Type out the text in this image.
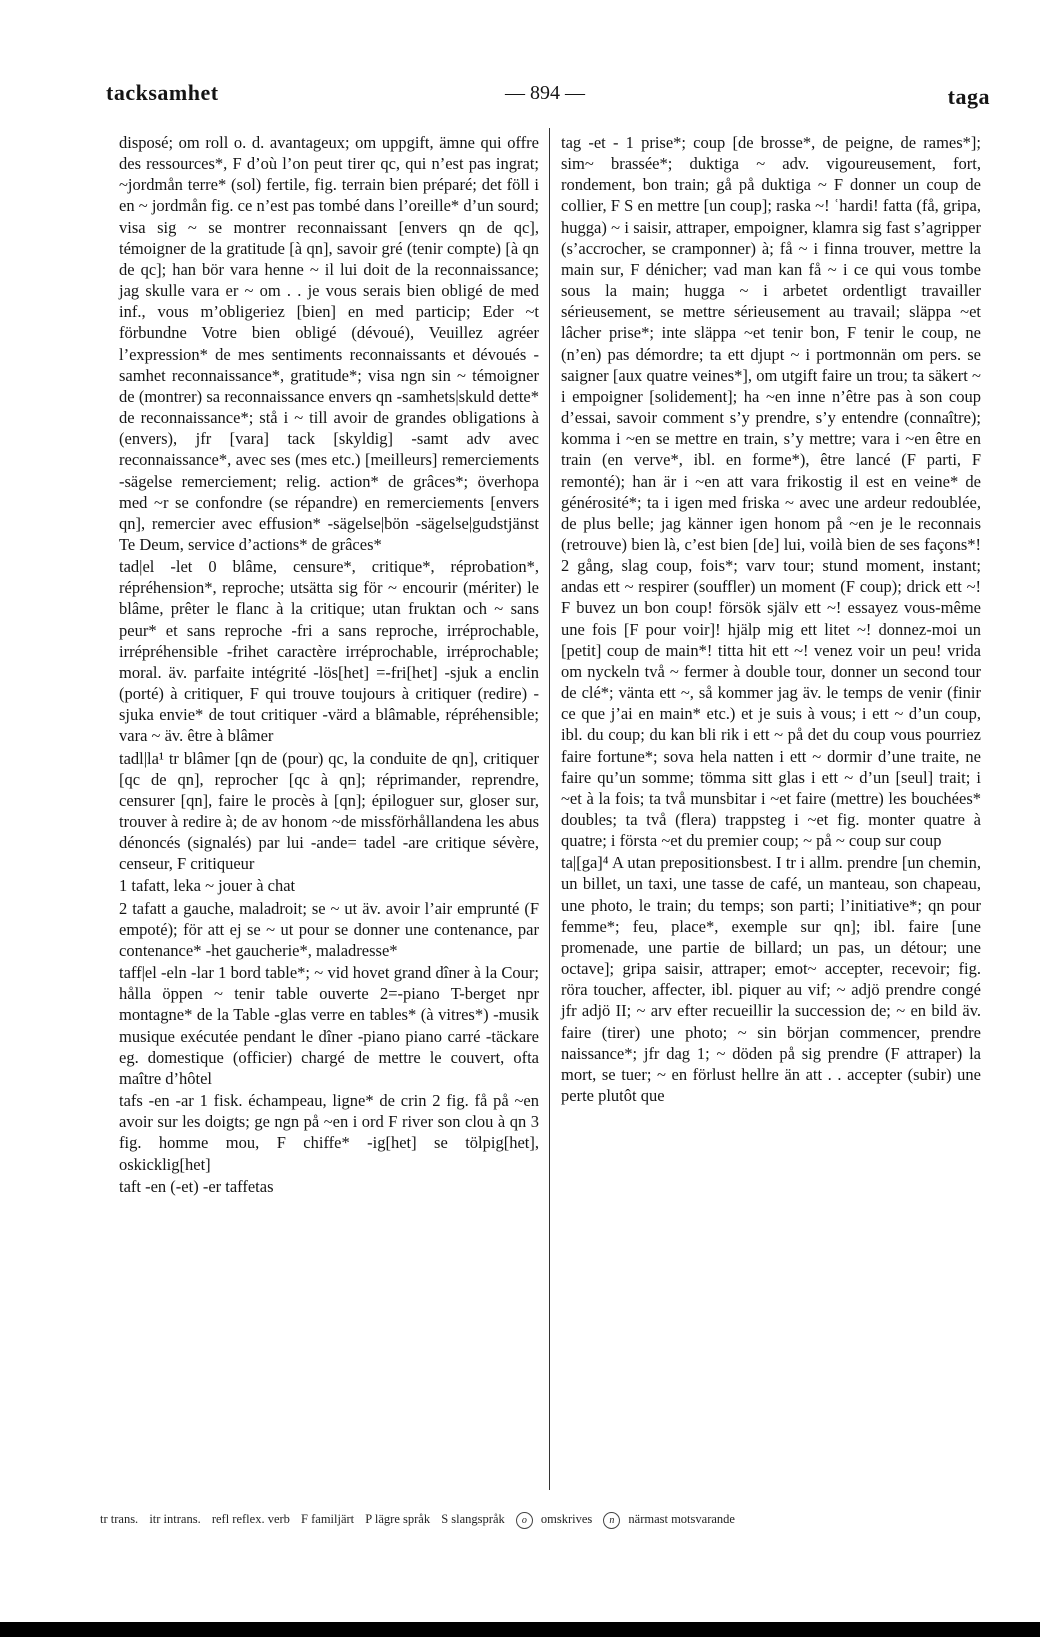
tacksamhet	— 894 —	taga
disposé; om roll o. d. avantageux; om uppgift, ämne qui offre des ressources*, F d’où l’on peut tirer qc, qui n’est pas ingrat; ~jordmån terre* (sol) fertile, fig. terrain bien préparé; det föll i en ~ jordmån fig. ce n’est pas tombé dans l’oreille* d’un sourd; visa sig ~ se montrer reconnaissant [envers qn de qc], témoigner de la gratitude [à qn], savoir gré (tenir compte) [à qn de qc]; han bör vara henne ~ il lui doit de la reconnaissance; jag skulle vara er ~ om . . je vous serais bien obligé de med inf., vous m’obligeriez [bien] en med particip; Eder ~t förbundne Votre bien obligé (dévoué), Veuillez agréer l’expression* de mes sentiments reconnaissants et dévoués -samhet reconnaissance*, gratitude*; visa ngn sin ~ témoigner de (montrer) sa reconnaissance envers qn -samhets|skuld dette* de reconnaissance*; stå i ~ till avoir de grandes obligations à (envers), jfr [vara] tack [skyldig] -samt adv avec reconnaissance*, avec ses (mes etc.) [meilleurs] remerciements -sägelse remerciement; relig. action* de grâces*; överhopa med ~r se confondre (se répandre) en remerciements [envers qn], remercier avec effusion* -sägelse|bön -sägelse|gudstjänst Te Deum, service d’actions* de grâces*
tad|el -let 0 blâme, censure*, critique*, réprobation*, répréhension*, reproche; utsätta sig för ~ encourir (mériter) le blâme, prêter le flanc à la critique; utan fruktan och ~ sans peur* et sans reproche -fri a sans reproche, irréprochable, irrépréhensible -frihet caractère irréprochable, irréprochable; moral. äv. parfaite intégrité -lös[het] =-fri[het] -sjuk a enclin (porté) à critiquer, F qui trouve toujours à critiquer (redire) -sjuka envie* de tout critiquer -värd a blâmable, répréhensible; vara ~ äv. être à blâmer
tadl|la¹ tr blâmer [qn de (pour) qc, la conduite de qn], critiquer [qc de qn], reprocher [qc à qn]; réprimander, reprendre, censurer [qn], faire le procès à [qn]; épiloguer sur, gloser sur, trouver à redire à; de av honom ~de missförhållandena les abus dénoncés (signalés) par lui -ande= tadel -are critique sévère, censeur, F critiqueur
1 tafatt, leka ~ jouer à chat
2 tafatt a gauche, maladroit; se ~ ut äv. avoir l’air emprunté (F empoté); för att ej se ~ ut pour se donner une contenance, par contenance* -het gaucherie*, maladresse*
taff|el -eln -lar 1 bord table*; ~ vid hovet grand dîner à la Cour; hålla öppen ~ tenir table ouverte 2=-piano T-berget npr montagne* de la Table -glas verre en tables* (à vitres*) -musik musique exécutée pendant le dîner -piano piano carré -täckare eg. domestique (officier) chargé de mettre le couvert, ofta maître d’hôtel
tafs -en -ar 1 fisk. échampeau, ligne* de crin 2 fig. få på ~en avoir sur les doigts; ge ngn på ~en i ord F river son clou à qn 3 fig. homme mou, F chiffe* -ig[het] se tölpig[het], oskicklig[het]
taft -en (-et) -er taffetas
tag -et - 1 prise*; coup [de brosse*, de peigne, de rames*]; sim~ brassée*; duktiga ~ adv. vigoureusement, fort, rondement, bon train; gå på duktiga ~ F donner un coup de collier, F S en mettre [un coup]; raska ~! ʿhardi! fatta (få, gripa, hugga) ~ i saisir, attraper, empoigner, klamra sig fast s’agripper (s’accrocher, se cramponner) à; få ~ i finna trouver, mettre la main sur, F dénicher; vad man kan få ~ i ce qui vous tombe sous la main; hugga ~ i arbetet ordentligt travailler sérieusement, se mettre sérieusement au travail; släppa ~et lâcher prise*; inte släppa ~et tenir bon, F tenir le coup, ne (n’en) pas démordre; ta ett djupt ~ i portmonnän om pers. se saigner [aux quatre veines*], om utgift faire un trou; ta säkert ~ i empoigner [solidement]; ha ~en inne n’être pas à son coup d’essai, savoir comment s’y prendre, s’y entendre (connaître); komma i ~en se mettre en train, s’y mettre; vara i ~en être en train (en verve*, ibl. en forme*), être lancé (F parti, F remonté); han är i ~en att vara frikostig il est en veine* de générosité*; ta i igen med friska ~ avec une ardeur redoublée, de plus belle; jag känner igen honom på ~en je le reconnais (retrouve) bien là, c’est bien [de] lui, voilà bien de ses façons*! 2 gång, slag coup, fois*; varv tour; stund moment, instant; andas ett ~ respirer (souffler) un moment (F coup); drick ett ~! F buvez un bon coup! försök själv ett ~! essayez vous-même une fois [F pour voir]! hjälp mig ett litet ~! donnez-moi un [petit] coup de main*! titta hit ett ~! venez voir un peu! vrida om nyckeln två ~ fermer à double tour, donner un second tour de clé*; vänta ett ~, så kommer jag äv. le temps de venir (finir ce que j’ai en main* etc.) et je suis à vous; i ett ~ d’un coup, ibl. du coup; du kan bli rik i ett ~ på det du coup vous pourriez faire fortune*; sova hela natten i ett ~ dormir d’une traite, ne faire qu’un somme; tömma sitt glas i ett ~ d’un [seul] trait; i ~et à la fois; ta två munsbitar i ~et faire (mettre) les bouchées* doubles; ta två (flera) trappsteg i ~et fig. monter quatre à quatre; i första ~et du premier coup; ~ på ~ coup sur coup
ta|[ga]⁴ A utan prepositionsbest. I tr i allm. prendre [un chemin, un billet, un taxi, une tasse de café, un manteau, son chapeau, une photo, le train; du temps; son parti; l’initiative*; qn pour femme*; feu, place*, exemple sur qn]; ibl. faire [une promenade, une partie de billard; un pas, un détour; une octave]; gripa saisir, attraper; emot~ accepter, recevoir; fig. röra toucher, affecter, ibl. piquer au vif; ~ adjö prendre congé jfr adjö II; ~ arv efter recueillir la succession de; ~ en bild äv. faire (tirer) une photo; ~ sin början commencer, prendre naissance*; jfr dag 1; ~ döden på sig prendre (F attraper) la mort, se tuer; ~ en förlust hellre än att . . accepter (subir) une perte plutôt que
tr trans. itr intrans. refl reflex. verb F familjärt P lägre språk S slangspråk o omskrives n närmast motsvarande
